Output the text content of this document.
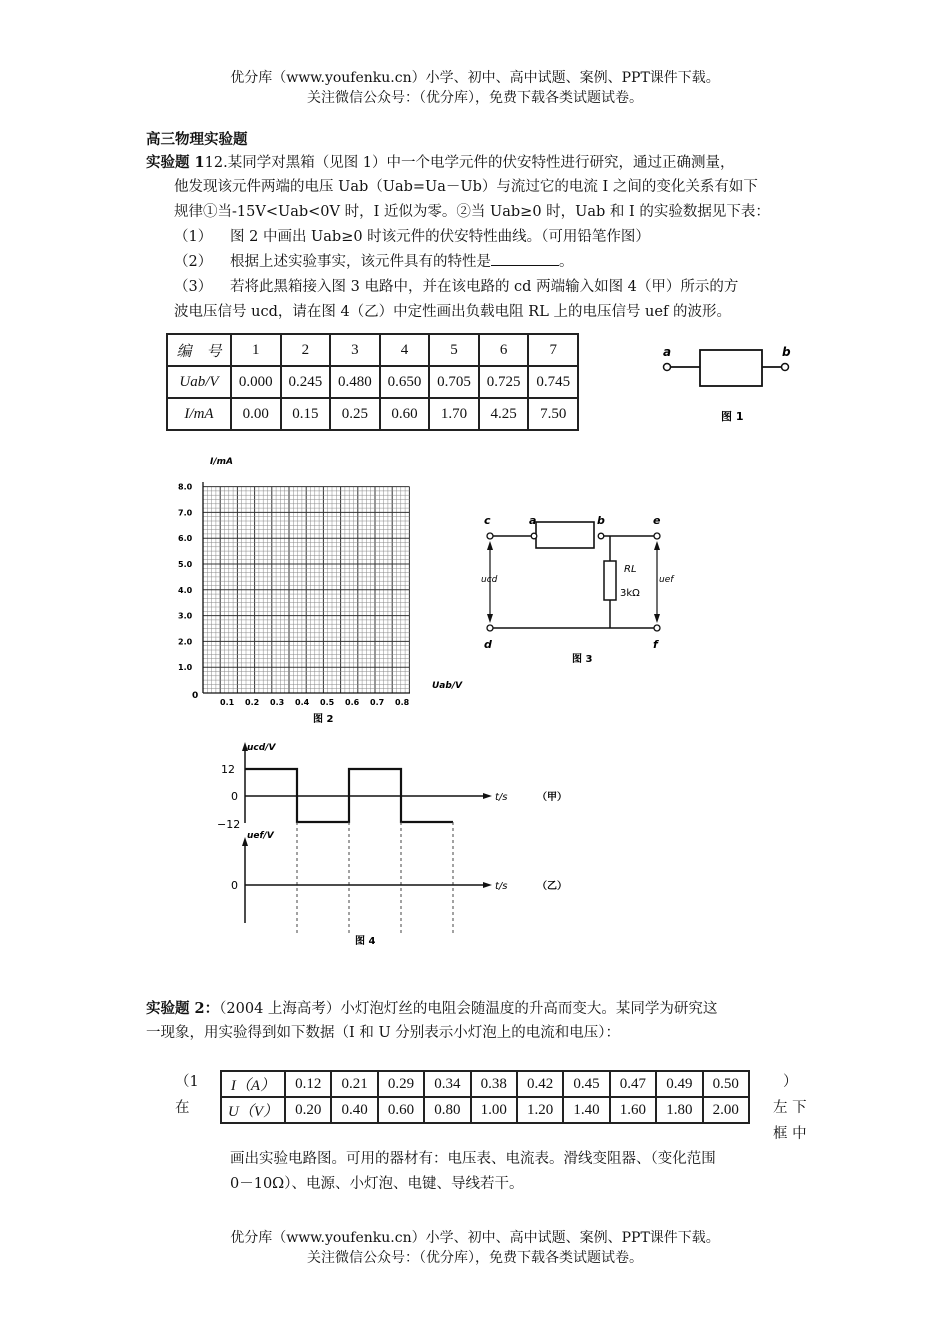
优分库（www.youfenku.cn）小学、初中、高中试题、案例、PPT课件下载。
关注微信公众号：（优分库），免费下载各类试题试卷。
高三物理实验题
实验题 112.某同学对黑箱（见图 1）中一个电学元件的伏安特性进行研究，通过正确测量，
他发现该元件两端的电压 Uab（Uab=Ua－Ub）与流过它的电流 I 之间的变化关系有如下
规律①当-15V<Uab<0V 时，I 近似为零。②当 Uab≥0 时，Uab 和 I 的实验数据见下表：
（1） 图 2 中画出 Uab≥0 时该元件的伏安特性曲线。（可用铅笔作图）
（2） 根据上述实验事实，该元件具有的特性是	。
（3） 若将此黑箱接入图 3 电路中，并在该电路的 cd 两端输入如图 4（甲）所示的方
波电压信号 ucd，请在图 4（乙）中定性画出负载电阻 RL 上的电压信号 uef 的波形。
编　号	1	2	3	4	5	6	7
Uab/V	0.000	0.245	0.480	0.650	0.705	0.725	0.745
I/mA	0.00	0.15	0.25	0.60	1.70	4.25	7.50
a	b
图 1
I/mA
Uab/V
0
8.0
7.0
6.0
5.0
4.0
3.0
2.0
1.0
0.1 0.2 0.3 0.4 0.5 0.6 0.7 0.8
图 2
c	a	b	e
d	f
ucd	uef
RL
3kΩ
图 3
ucd/V
12
0
−12
t/s	（甲）
uef/V
0	t/s	（乙）
图 4
实验题 2：（2004 上海高考）小灯泡灯丝的电阻会随温度的升高而变大。某同学为研究这
一现象，用实验得到如下数据（I 和 U 分别表示小灯泡上的电流和电压）：
（1
在
I（A）	0.12	0.21	0.29	0.34	0.38	0.42	0.45	0.47	0.49	0.50
U（V）	0.20	0.40	0.60	0.80	1.00	1.20	1.40	1.60	1.80	2.00
）
左 下
框 中
画出实验电路图。可用的器材有：电压表、电流表。滑线变阻器、（变化范围
0－10Ω）、电源、小灯泡、电键、导线若干。
优分库（www.youfenku.cn）小学、初中、高中试题、案例、PPT课件下载。
关注微信公众号：（优分库），免费下载各类试题试卷。
